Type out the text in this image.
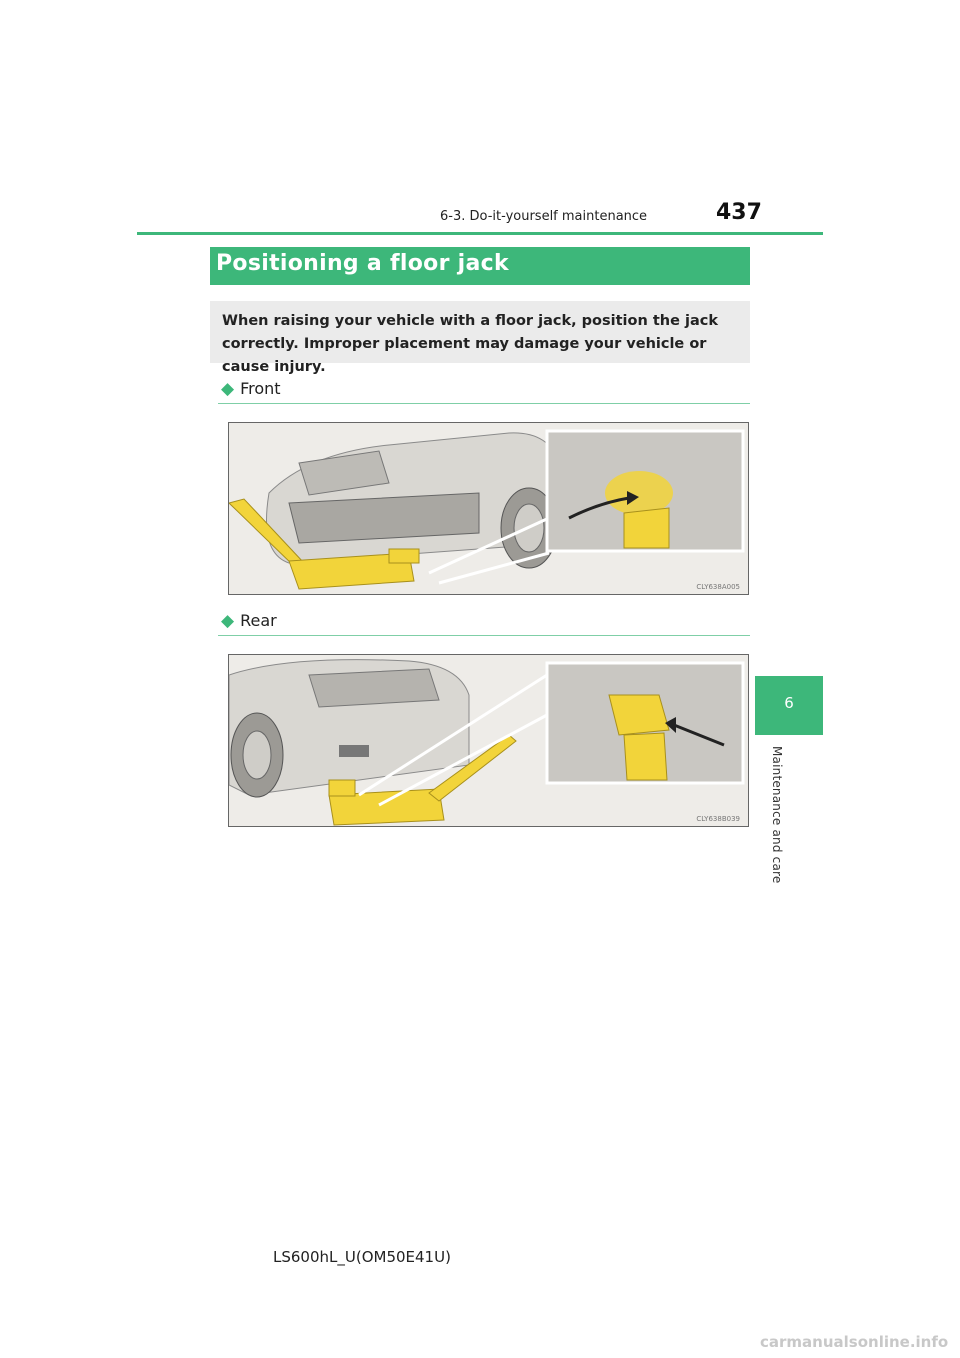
6-3. Do-it-yourself maintenance	437
6
Maintenance and care
Positioning a floor jack
When raising your vehicle with a floor jack, position the jack correctly. Improper placement may damage your vehicle or cause injury.
◆ Front
CLY638A005
◆ Rear
CLY638B039
LS600hL_U(OM50E41U)
carmanualsonline.info
